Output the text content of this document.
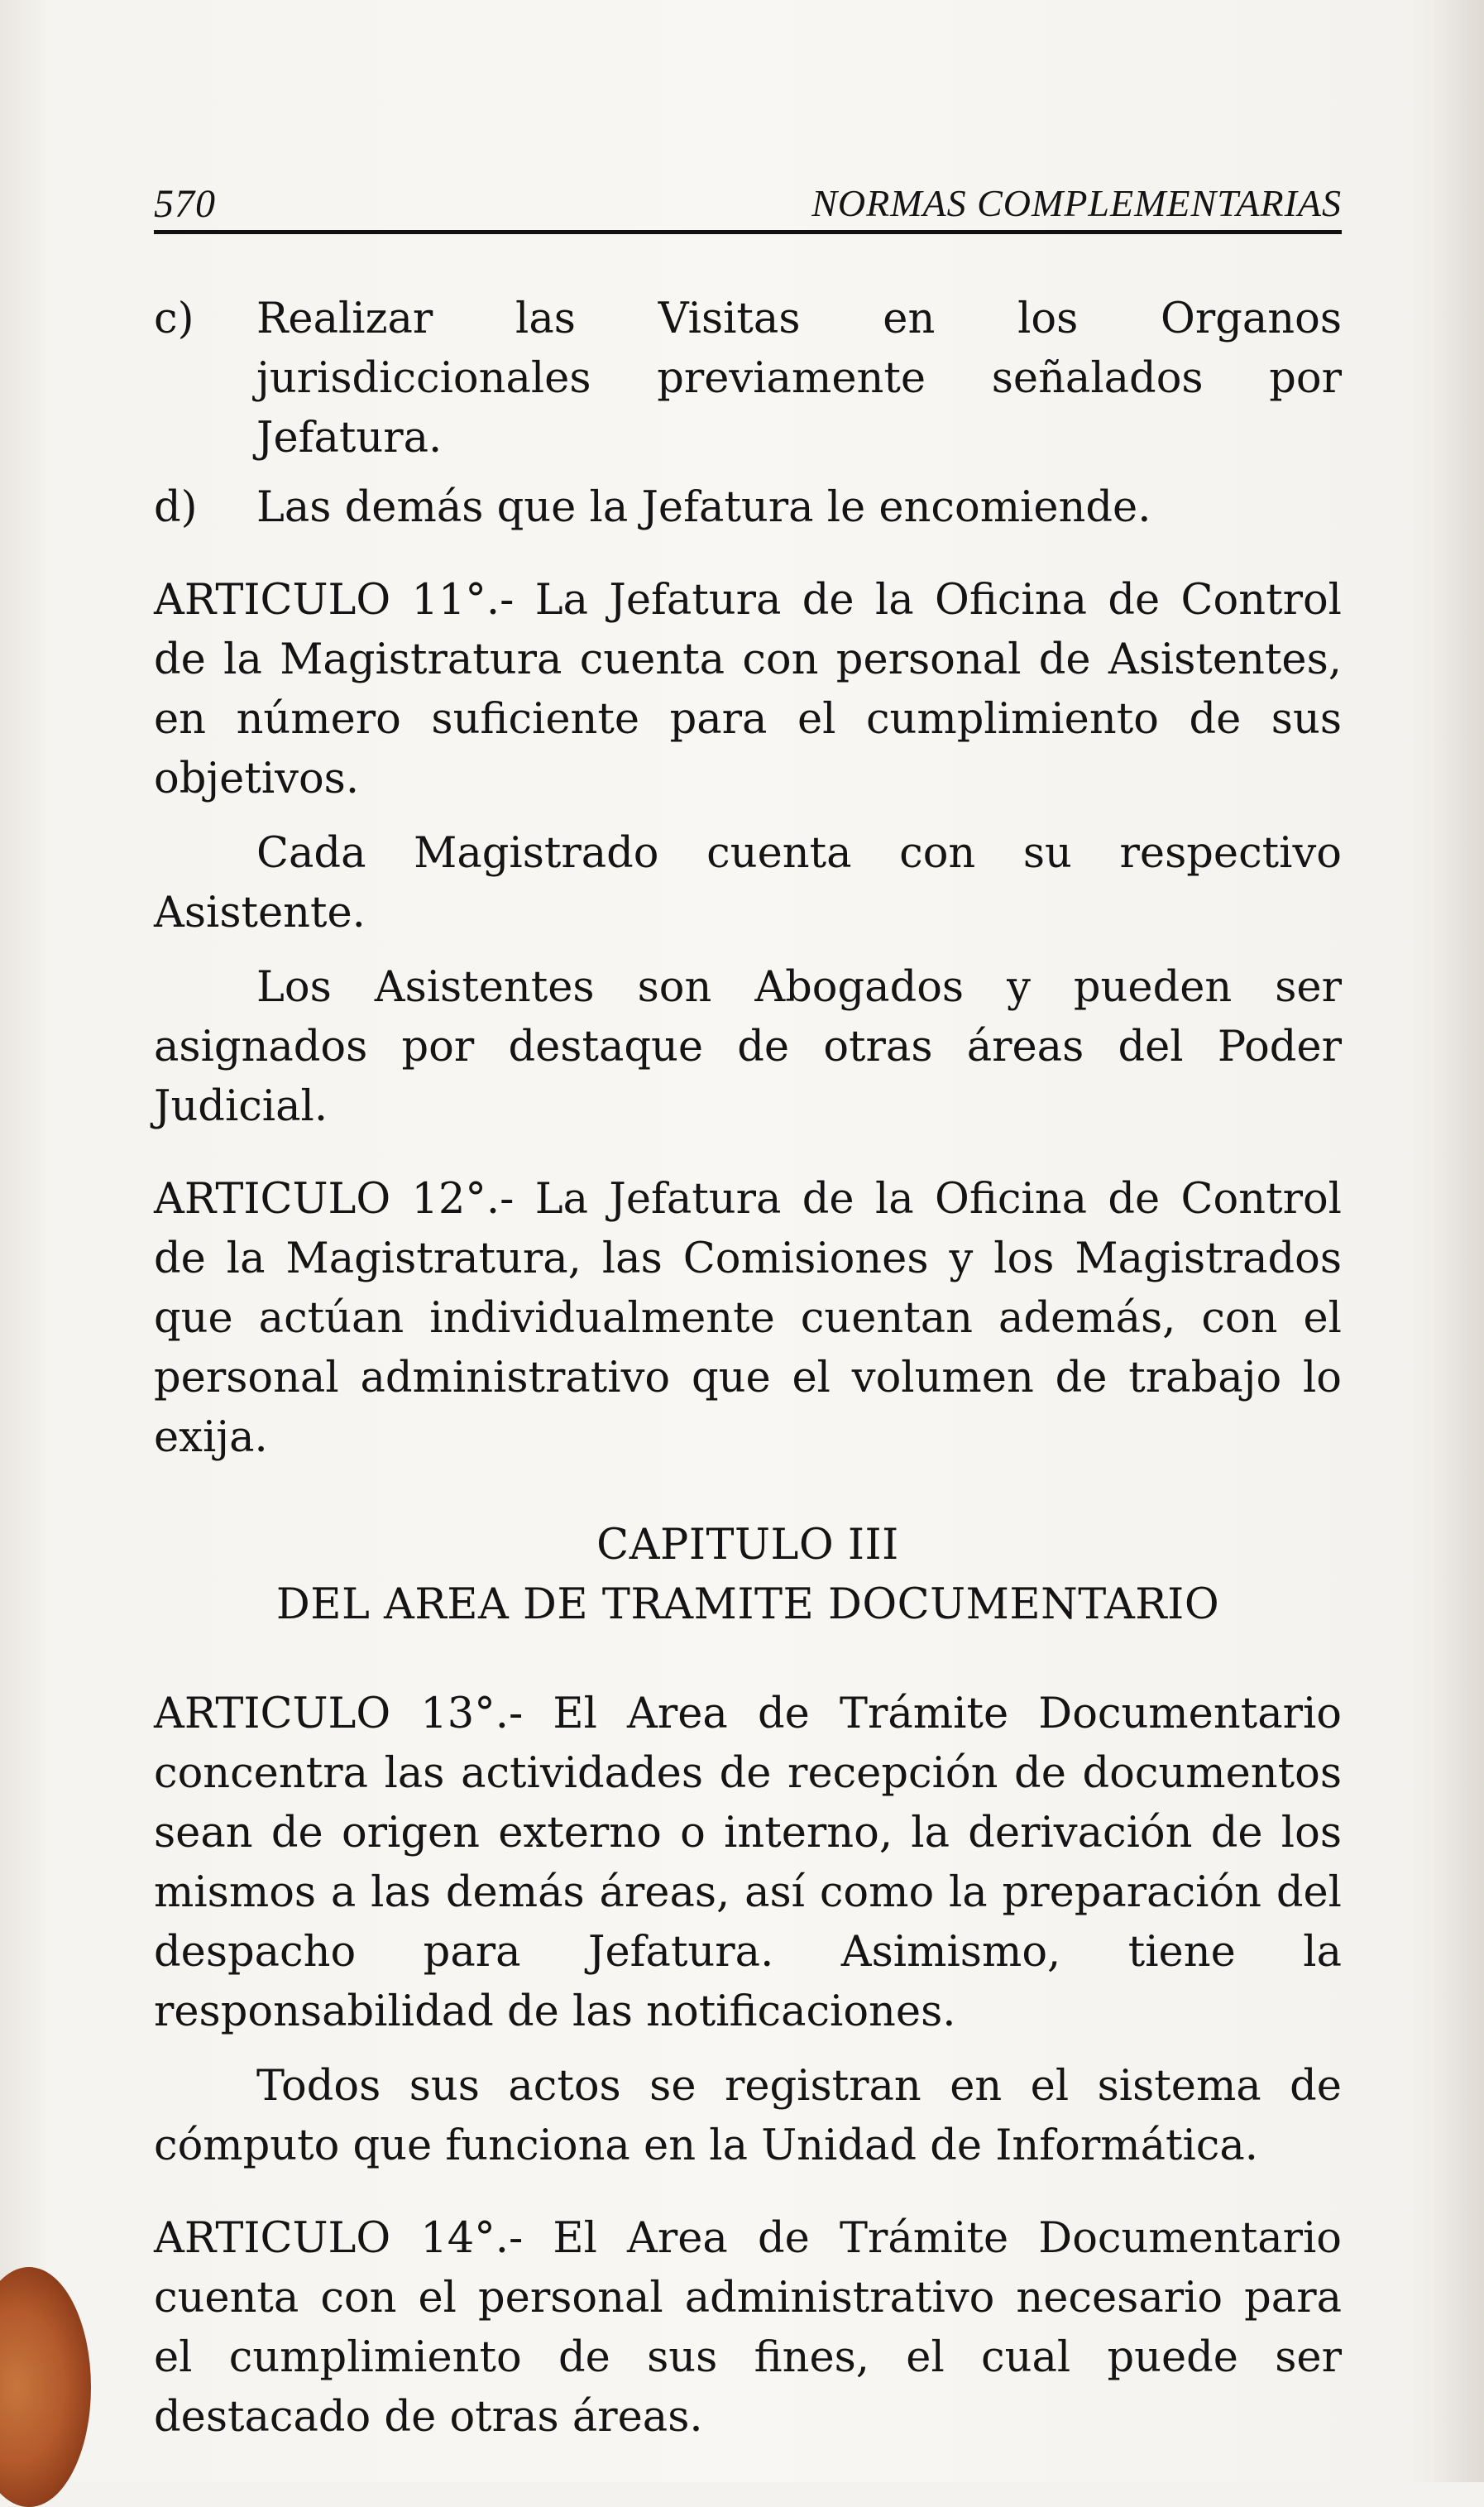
570	NORMAS COMPLEMENTARIAS
c)	Realizar las Visitas en los Organos jurisdiccionales previamente señalados por Jefatura.
d)	Las demás que la Jefatura le encomiende.

ARTICULO 11°.- La Jefatura de la Oficina de Control de la Magistratura cuenta con personal de Asistentes, en número suficiente para el cumplimiento de sus objetivos.

Cada Magistrado cuenta con su respectivo Asistente.

Los Asistentes son Abogados y pueden ser asignados por destaque de otras áreas del Poder Judicial.

ARTICULO 12°.- La Jefatura de la Oficina de Control de la Magistratura, las Comisiones y los Magistrados que actúan individualmente cuentan además, con el personal administrativo que el volumen de trabajo lo exija.

CAPITULO III
DEL AREA DE TRAMITE DOCUMENTARIO

ARTICULO 13°.- El Area de Trámite Documentario concentra las actividades de recepción de documentos sean de origen externo o interno, la derivación de los mismos a las demás áreas, así como la preparación del despacho para Jefatura. Asimismo, tiene la responsabilidad de las notificaciones.

Todos sus actos se registran en el sistema de cómputo que funciona en la Unidad de Informática.

ARTICULO 14°.- El Area de Trámite Documentario cuenta con el personal administrativo necesario para el cumplimiento de sus fines, el cual puede ser destacado de otras áreas.
